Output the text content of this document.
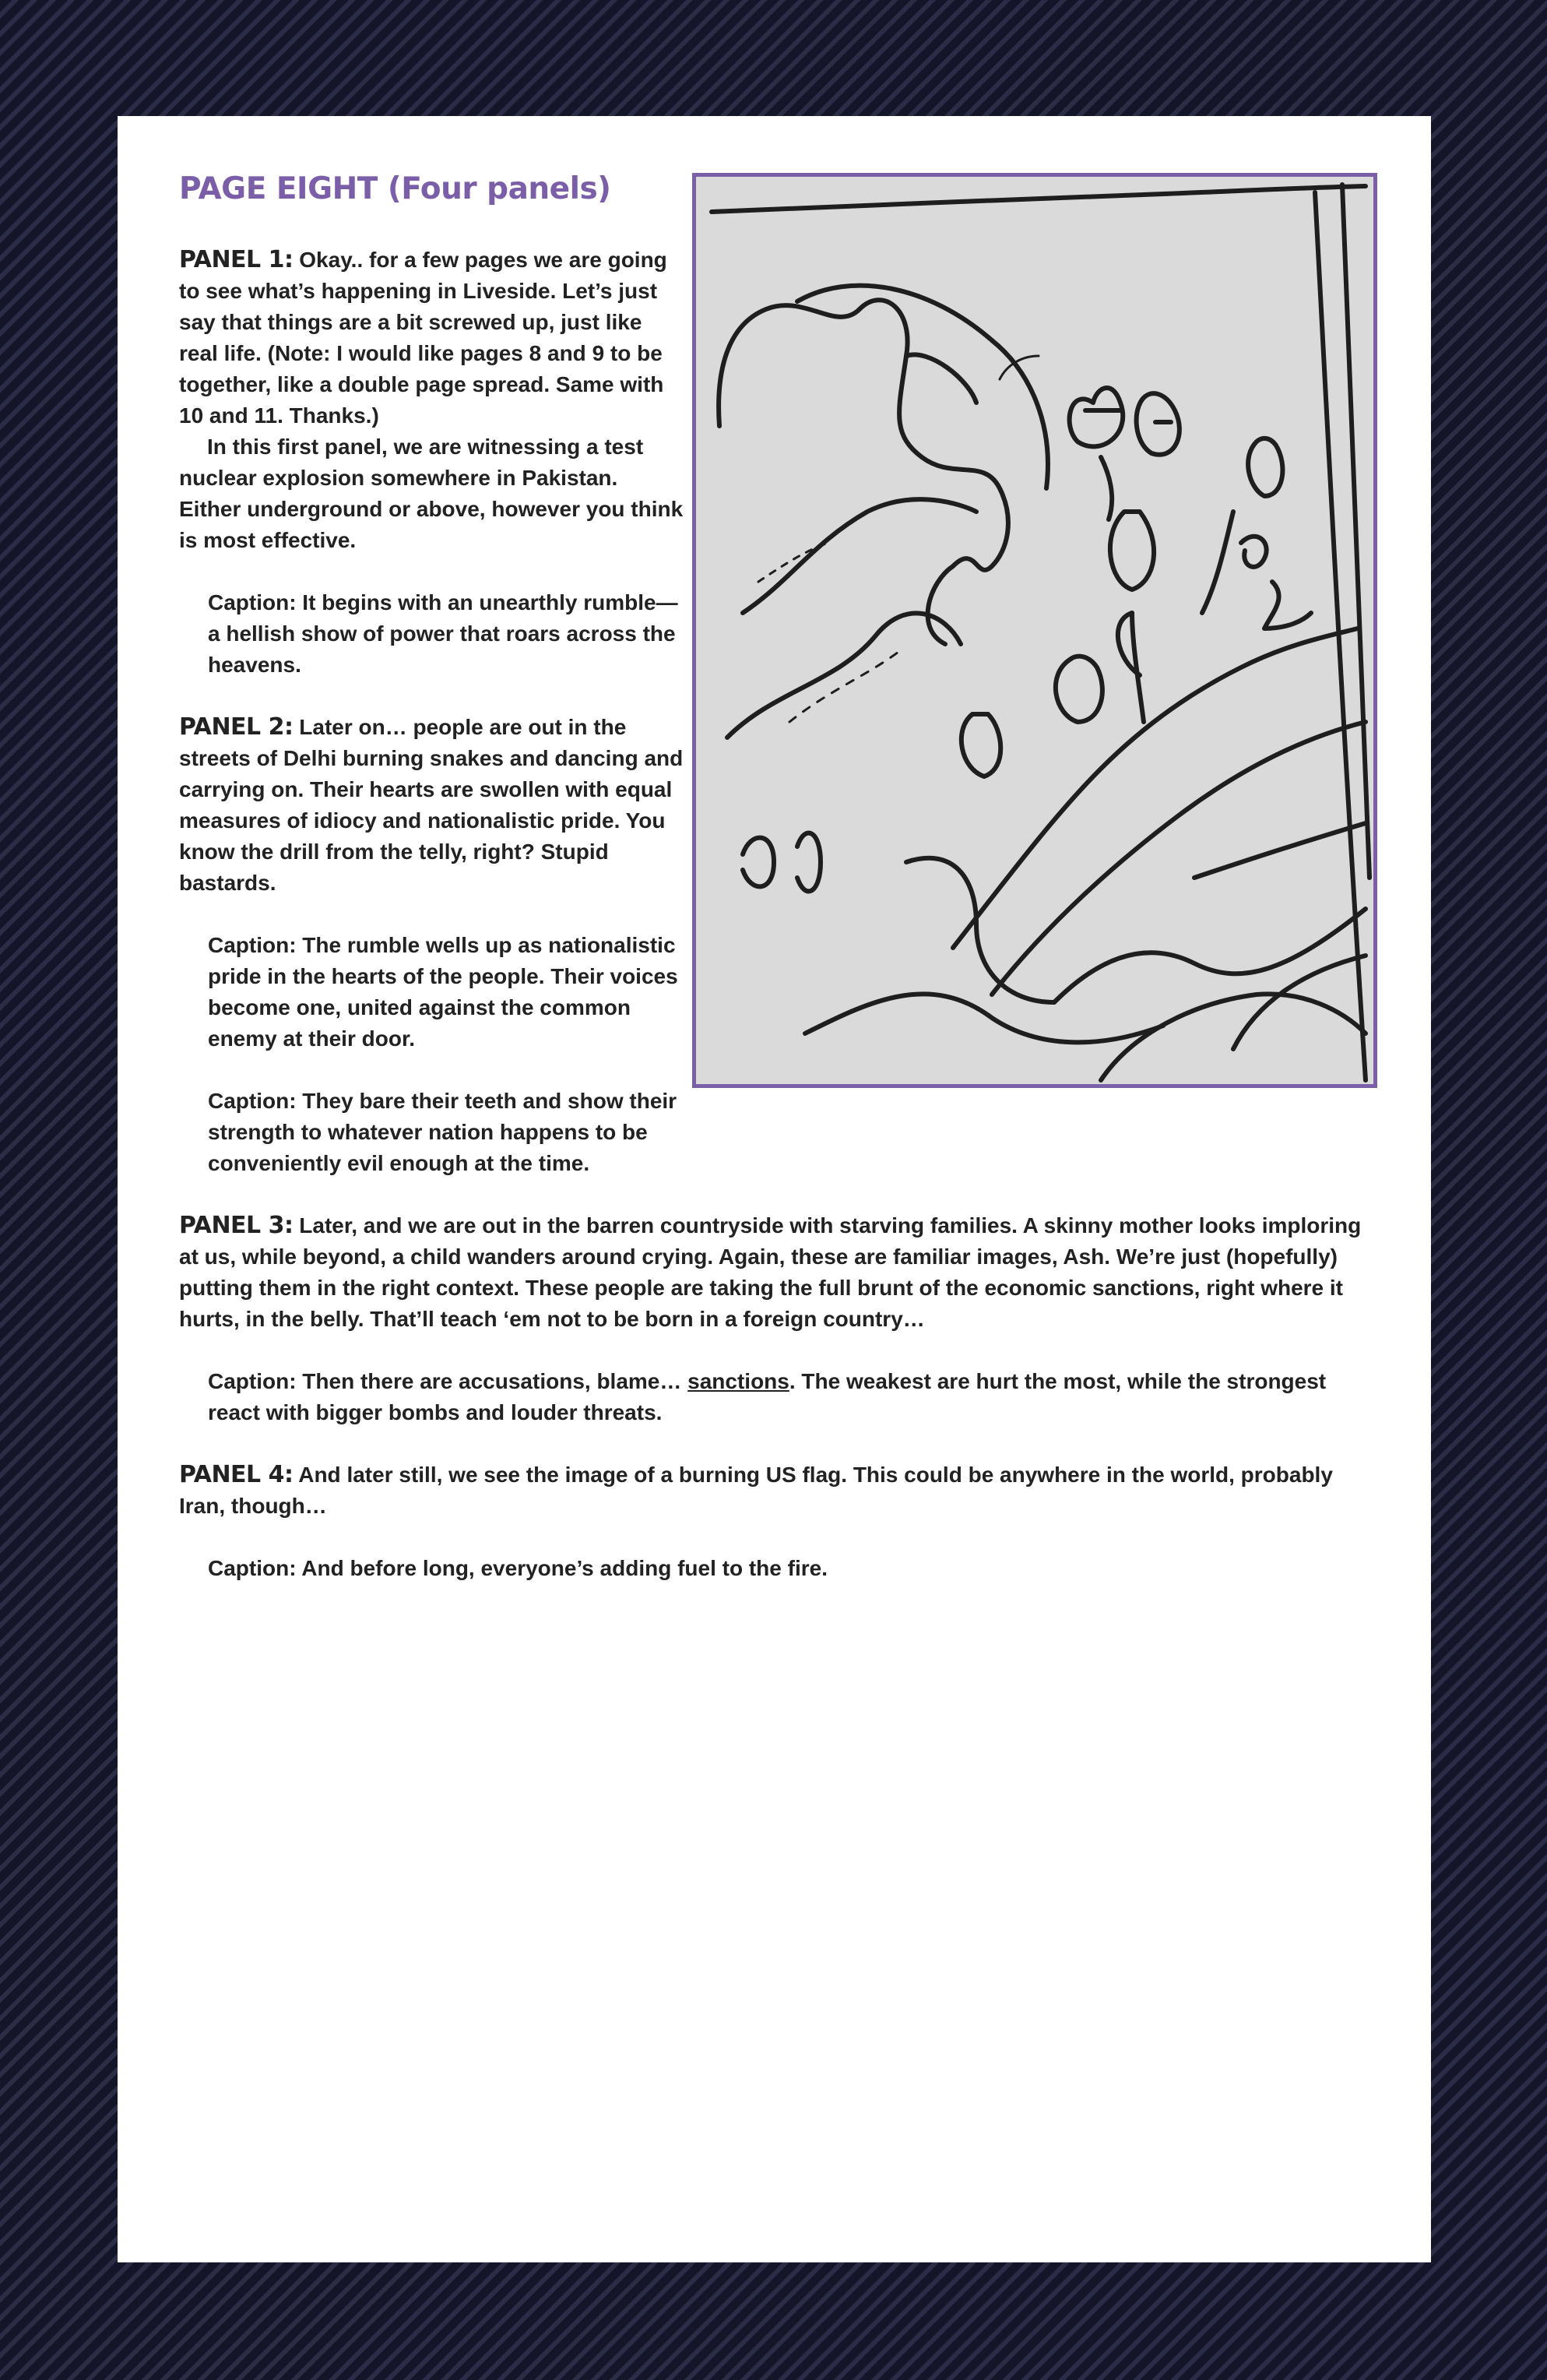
PAGE EIGHT (Four panels)

PANEL 1: Okay.. for a few pages we are going to see what’s happening in Liveside. Let’s just say that things are a bit screwed up, just like real life. (Note: I would like pages 8 and 9 to be together, like a double page spread. Same with 10 and 11. Thanks.)

In this first panel, we are witnessing a test nuclear explosion somewhere in Pakistan. Either underground or above, however you think is most effective.

Caption: It begins with an unearthly rumble—a hellish show of power that roars across the heavens.

PANEL 2: Later on… people are out in the streets of Delhi burning snakes and dancing and carrying on. Their hearts are swollen with equal measures of idiocy and nationalistic pride. You know the drill from the telly, right? Stupid bastards.

Caption: The rumble wells up as nationalistic pride in the hearts of the people. Their voices become one, united against the common enemy at their door.

Caption: They bare their teeth and show their strength to whatever nation happens to be conveniently evil enough at the time.

PANEL 3: Later, and we are out in the barren countryside with starving families. A skinny mother looks imploring at us, while beyond, a child wanders around crying. Again, these are familiar images, Ash. We’re just (hopefully) putting them in the right context. These people are taking the full brunt of the economic sanctions, right where it hurts, in the belly. That’ll teach ‘em not to be born in a foreign country…

Caption: Then there are accusations, blame… sanctions. The weakest are hurt the most, while the strongest react with bigger bombs and louder threats.

PANEL 4: And later still, we see the image of a burning US flag. This could be anywhere in the world, probably Iran, though…

Caption: And before long, everyone’s adding fuel to the fire.
